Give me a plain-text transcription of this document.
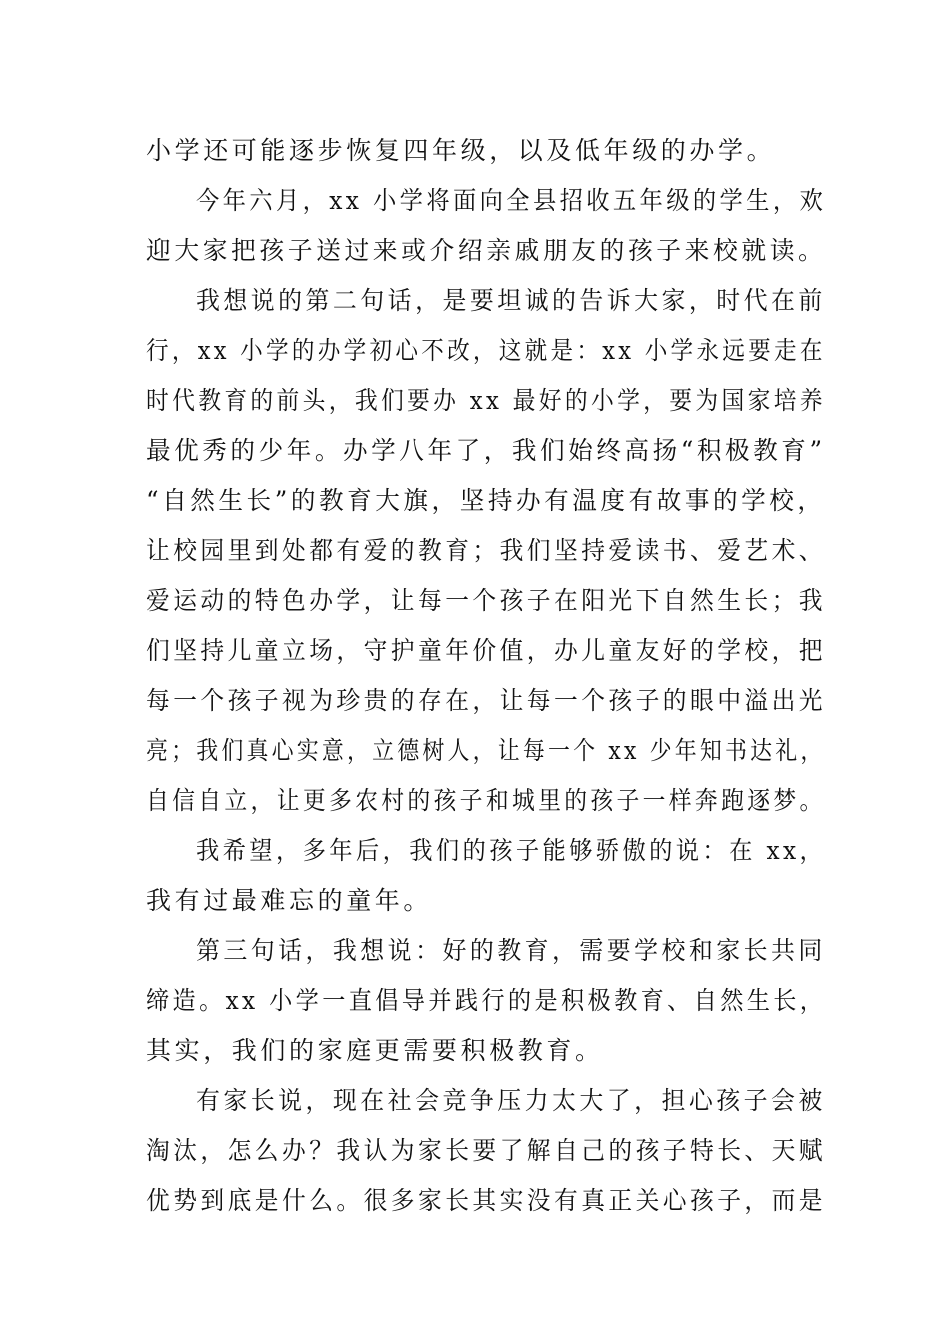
小学还可能逐步恢复四年级，以及低年级的办学。
今年六月，xx 小学将面向全县招收五年级的学生，欢
迎大家把孩子送过来或介绍亲戚朋友的孩子来校就读。
我想说的第二句话，是要坦诚的告诉大家，时代在前
行，xx 小学的办学初心不改，这就是：xx 小学永远要走在
时代教育的前头，我们要办 xx 最好的小学，要为国家培养
最优秀的少年。办学八年了，我们始终高扬“积极教育”
“自然生长”的教育大旗，坚持办有温度有故事的学校，
让校园里到处都有爱的教育；我们坚持爱读书、爱艺术、
爱运动的特色办学，让每一个孩子在阳光下自然生长；我
们坚持儿童立场，守护童年价值，办儿童友好的学校，把
每一个孩子视为珍贵的存在，让每一个孩子的眼中溢出光
亮；我们真心实意，立德树人，让每一个 xx 少年知书达礼，
自信自立，让更多农村的孩子和城里的孩子一样奔跑逐梦。
我希望，多年后，我们的孩子能够骄傲的说：在 xx，
我有过最难忘的童年。
第三句话，我想说：好的教育，需要学校和家长共同
缔造。xx 小学一直倡导并践行的是积极教育、自然生长，
其实，我们的家庭更需要积极教育。
有家长说，现在社会竞争压力太大了，担心孩子会被
淘汰，怎么办？我认为家长要了解自己的孩子特长、天赋
优势到底是什么。很多家长其实没有真正关心孩子，而是
